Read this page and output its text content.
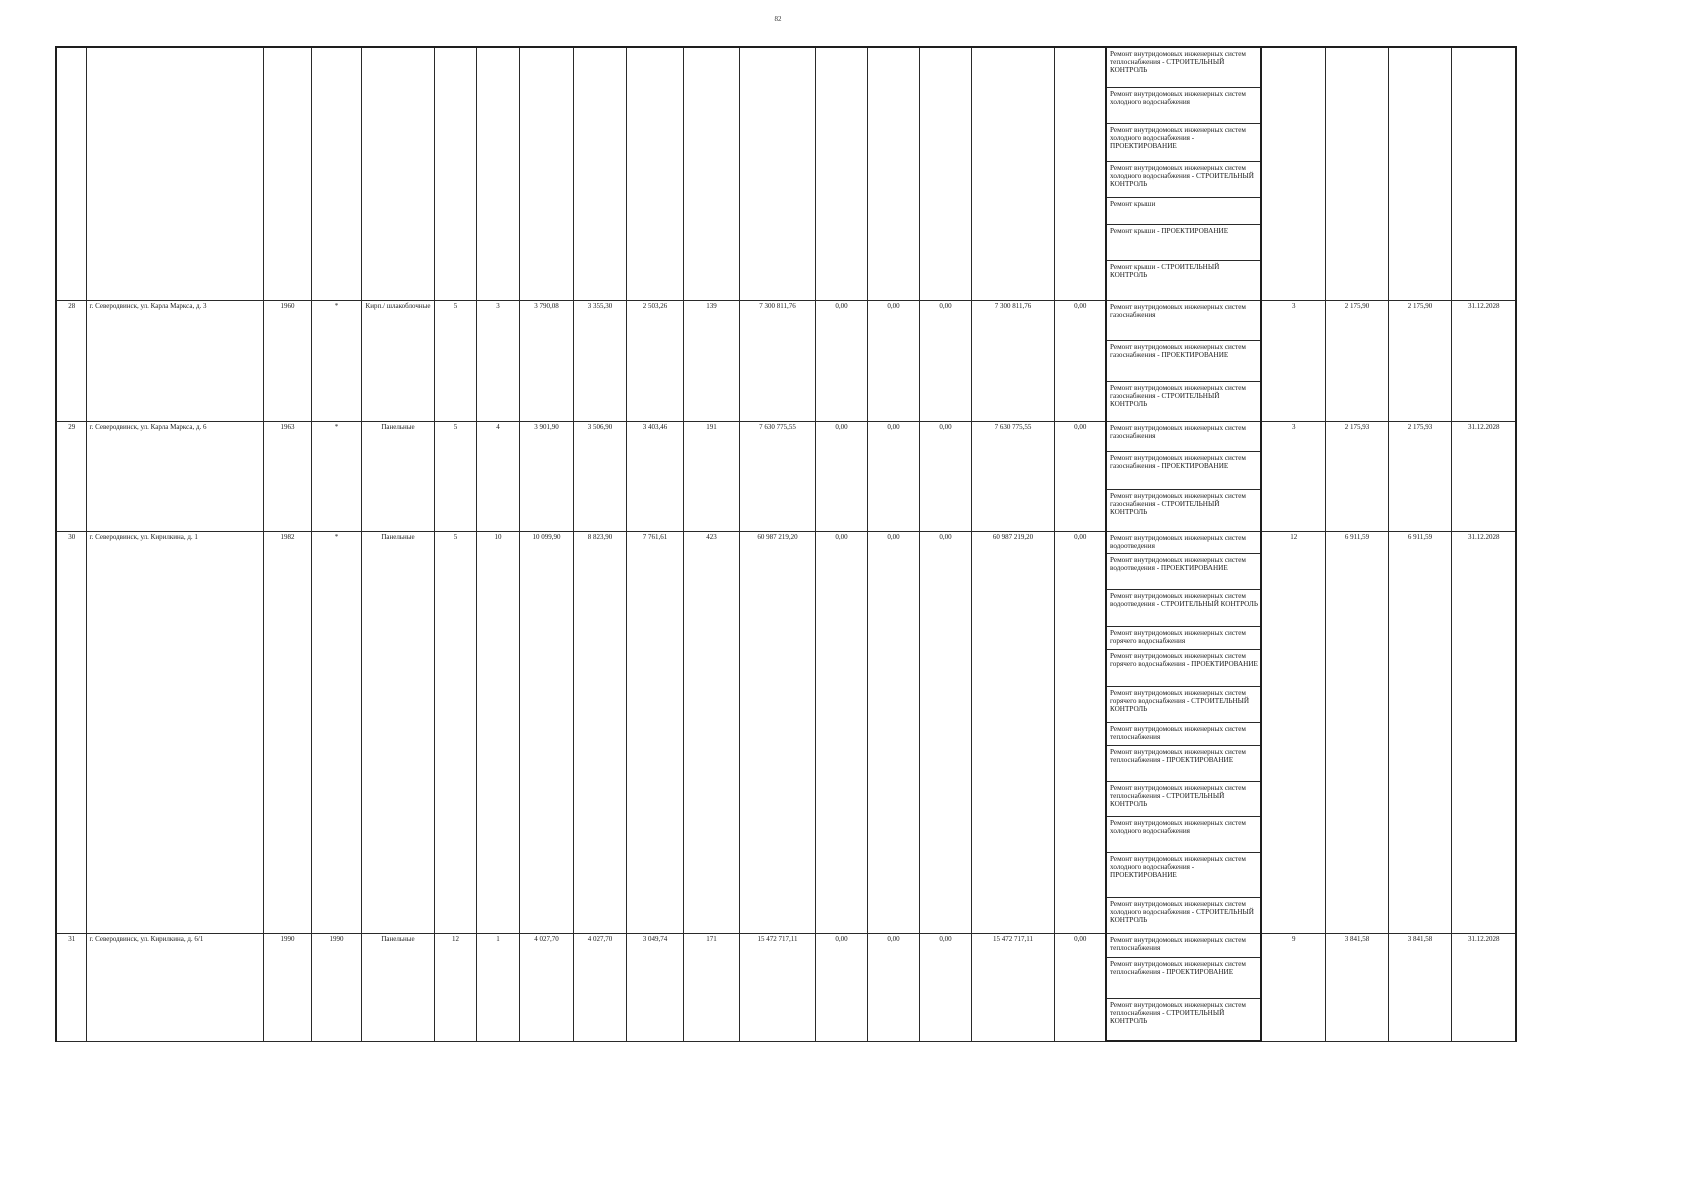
82
																	Ремонт внутридомовых инженерных систем теплоснабжения - СТРОИТЕЛЬНЫЙ КОНТРОЛЬ				
																	Ремонт внутридомовых инженерных систем холодного водоснабжения				
																	Ремонт внутридомовых инженерных систем холодного водоснабжения - ПРОЕКТИРОВАНИЕ				
																	Ремонт внутридомовых инженерных систем холодного водоснабжения - СТРОИТЕЛЬНЫЙ КОНТРОЛЬ				
																	Ремонт крыши				
																	Ремонт крыши - ПРОЕКТИРОВАНИЕ				
																	Ремонт крыши - СТРОИТЕЛЬНЫЙ КОНТРОЛЬ				
28	г. Северодвинск, ул. Карла Маркса, д. 3	1960	*	Кирп./ шлакоблочные	5	3	3 790,08	3 355,30	2 503,26	139	7 300 811,76	0,00	0,00	0,00	7 300 811,76	0,00	Ремонт внутридомовых инженерных систем газоснабжения	3	2 175,90	2 175,90	31.12.2028
																	Ремонт внутридомовых инженерных систем газоснабжения - ПРОЕКТИРОВАНИЕ				
																	Ремонт внутридомовых инженерных систем газоснабжения - СТРОИТЕЛЬНЫЙ КОНТРОЛЬ				
29	г. Северодвинск, ул. Карла Маркса, д. 6	1963	*	Панельные	5	4	3 901,90	3 506,90	3 403,46	191	7 630 775,55	0,00	0,00	0,00	7 630 775,55	0,00	Ремонт внутридомовых инженерных систем газоснабжения	3	2 175,93	2 175,93	31.12.2028
																	Ремонт внутридомовых инженерных систем газоснабжения - ПРОЕКТИРОВАНИЕ				
																	Ремонт внутридомовых инженерных систем газоснабжения - СТРОИТЕЛЬНЫЙ КОНТРОЛЬ				
30	г. Северодвинск, ул. Кирилкина, д. 1	1982	*	Панельные	5	10	10 099,90	8 823,90	7 761,61	423	60 987 219,20	0,00	0,00	0,00	60 987 219,20	0,00	Ремонт внутридомовых инженерных систем водоотведения	12	6 911,59	6 911,59	31.12.2028
																	Ремонт внутридомовых инженерных систем водоотведения - ПРОЕКТИРОВАНИЕ				
																	Ремонт внутридомовых инженерных систем водоотведения - СТРОИТЕЛЬНЫЙ КОНТРОЛЬ				
																	Ремонт внутридомовых инженерных систем горячего водоснабжения				
																	Ремонт внутридомовых инженерных систем горячего водоснабжения - ПРОЕКТИРОВАНИЕ				
																	Ремонт внутридомовых инженерных систем горячего водоснабжения - СТРОИТЕЛЬНЫЙ КОНТРОЛЬ				
																	Ремонт внутридомовых инженерных систем теплоснабжения				
																	Ремонт внутридомовых инженерных систем теплоснабжения - ПРОЕКТИРОВАНИЕ				
																	Ремонт внутридомовых инженерных систем теплоснабжения - СТРОИТЕЛЬНЫЙ КОНТРОЛЬ				
																	Ремонт внутридомовых инженерных систем холодного водоснабжения				
																	Ремонт внутридомовых инженерных систем холодного водоснабжения - ПРОЕКТИРОВАНИЕ				
																	Ремонт внутридомовых инженерных систем холодного водоснабжения - СТРОИТЕЛЬНЫЙ КОНТРОЛЬ				
31	г. Северодвинск, ул. Кирилкина, д. 6/1	1990	1990	Панельные	12	1	4 027,70	4 027,70	3 049,74	171	15 472 717,11	0,00	0,00	0,00	15 472 717,11	0,00	Ремонт внутридомовых инженерных систем теплоснабжения	9	3 841,58	3 841,58	31.12.2028
																	Ремонт внутридомовых инженерных систем теплоснабжения - ПРОЕКТИРОВАНИЕ				
																	Ремонт внутридомовых инженерных систем теплоснабжения - СТРОИТЕЛЬНЫЙ КОНТРОЛЬ				
